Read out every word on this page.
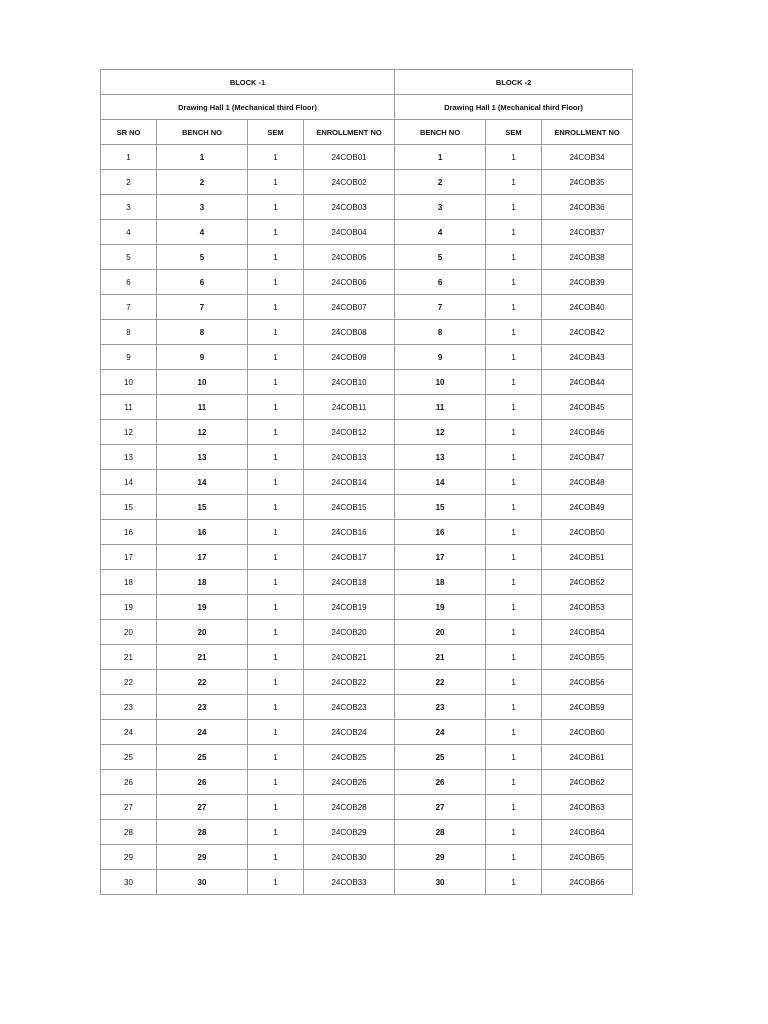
BLOCK -1				BLOCK -2		
Drawing Hall 1 (Mechanical third Floor)				Drawing Hall 1 (Mechanical third Floor)		
SR NO	BENCH NO	SEM	ENROLLMENT NO	BENCH NO	SEM	ENROLLMENT NO
1	1	1	24COB01	1	1	24COB34
2	2	1	24COB02	2	1	24COB35
3	3	1	24COB03	3	1	24COB36
4	4	1	24COB04	4	1	24COB37
5	5	1	24COB05	5	1	24COB38
6	6	1	24COB06	6	1	24COB39
7	7	1	24COB07	7	1	24COB40
8	8	1	24COB08	8	1	24COB42
9	9	1	24COB09	9	1	24COB43
10	10	1	24COB10	10	1	24COB44
11	11	1	24COB11	11	1	24COB45
12	12	1	24COB12	12	1	24COB46
13	13	1	24COB13	13	1	24COB47
14	14	1	24COB14	14	1	24COB48
15	15	1	24COB15	15	1	24COB49
16	16	1	24COB16	16	1	24COB50
17	17	1	24COB17	17	1	24COB51
18	18	1	24COB18	18	1	24COB52
19	19	1	24COB19	19	1	24COB53
20	20	1	24COB20	20	1	24COB54
21	21	1	24COB21	21	1	24COB55
22	22	1	24COB22	22	1	24COB56
23	23	1	24COB23	23	1	24COB59
24	24	1	24COB24	24	1	24COB60
25	25	1	24COB25	25	1	24COB61
26	26	1	24COB26	26	1	24COB62
27	27	1	24COB28	27	1	24COB63
28	28	1	24COB29	28	1	24COB64
29	29	1	24COB30	29	1	24COB65
30	30	1	24COB33	30	1	24COB66
